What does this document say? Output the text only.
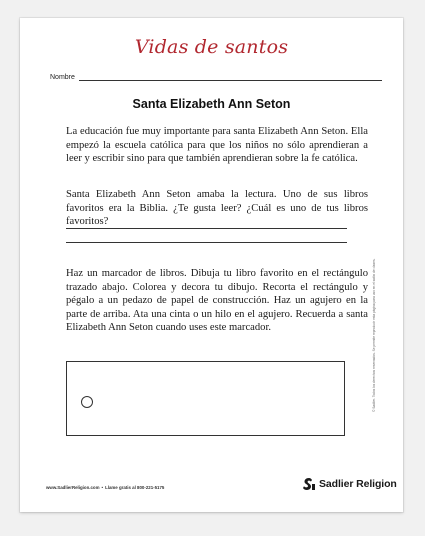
Vidas de santos
Nombre
Santa Elizabeth Ann Seton

La educación fue muy importante para santa Elizabeth Ann Seton. Ella empezó la escuela católica para que los niños no sólo aprendieran a leer y escribir sino para que también aprendieran sobre la fe católica.

Santa Elizabeth Ann Seton amaba la lectura. Uno de sus libros favoritos era la Biblia. ¿Te gusta leer? ¿Cuál es uno de tus libros favoritos?

Haz un marcador de libros. Dibuja tu libro favorito en el rectángulo trazado abajo. Colorea y decora tu dibujo. Recorta el rectángulo y pégalo a un pedazo de papel de construcción. Haz un agujero en la parte de arriba. Ata una cinta o un hilo en el agujero. Recuerda a santa Elizabeth Ann Seton cuando uses este marcador.	© Sadlier. Todos los derechos reservados. Se permite reproducir esta página para uso en el salón de clases.
www.SadlierReligion.com • Llame gratis al 800-221-5175	Sadlier Religion
